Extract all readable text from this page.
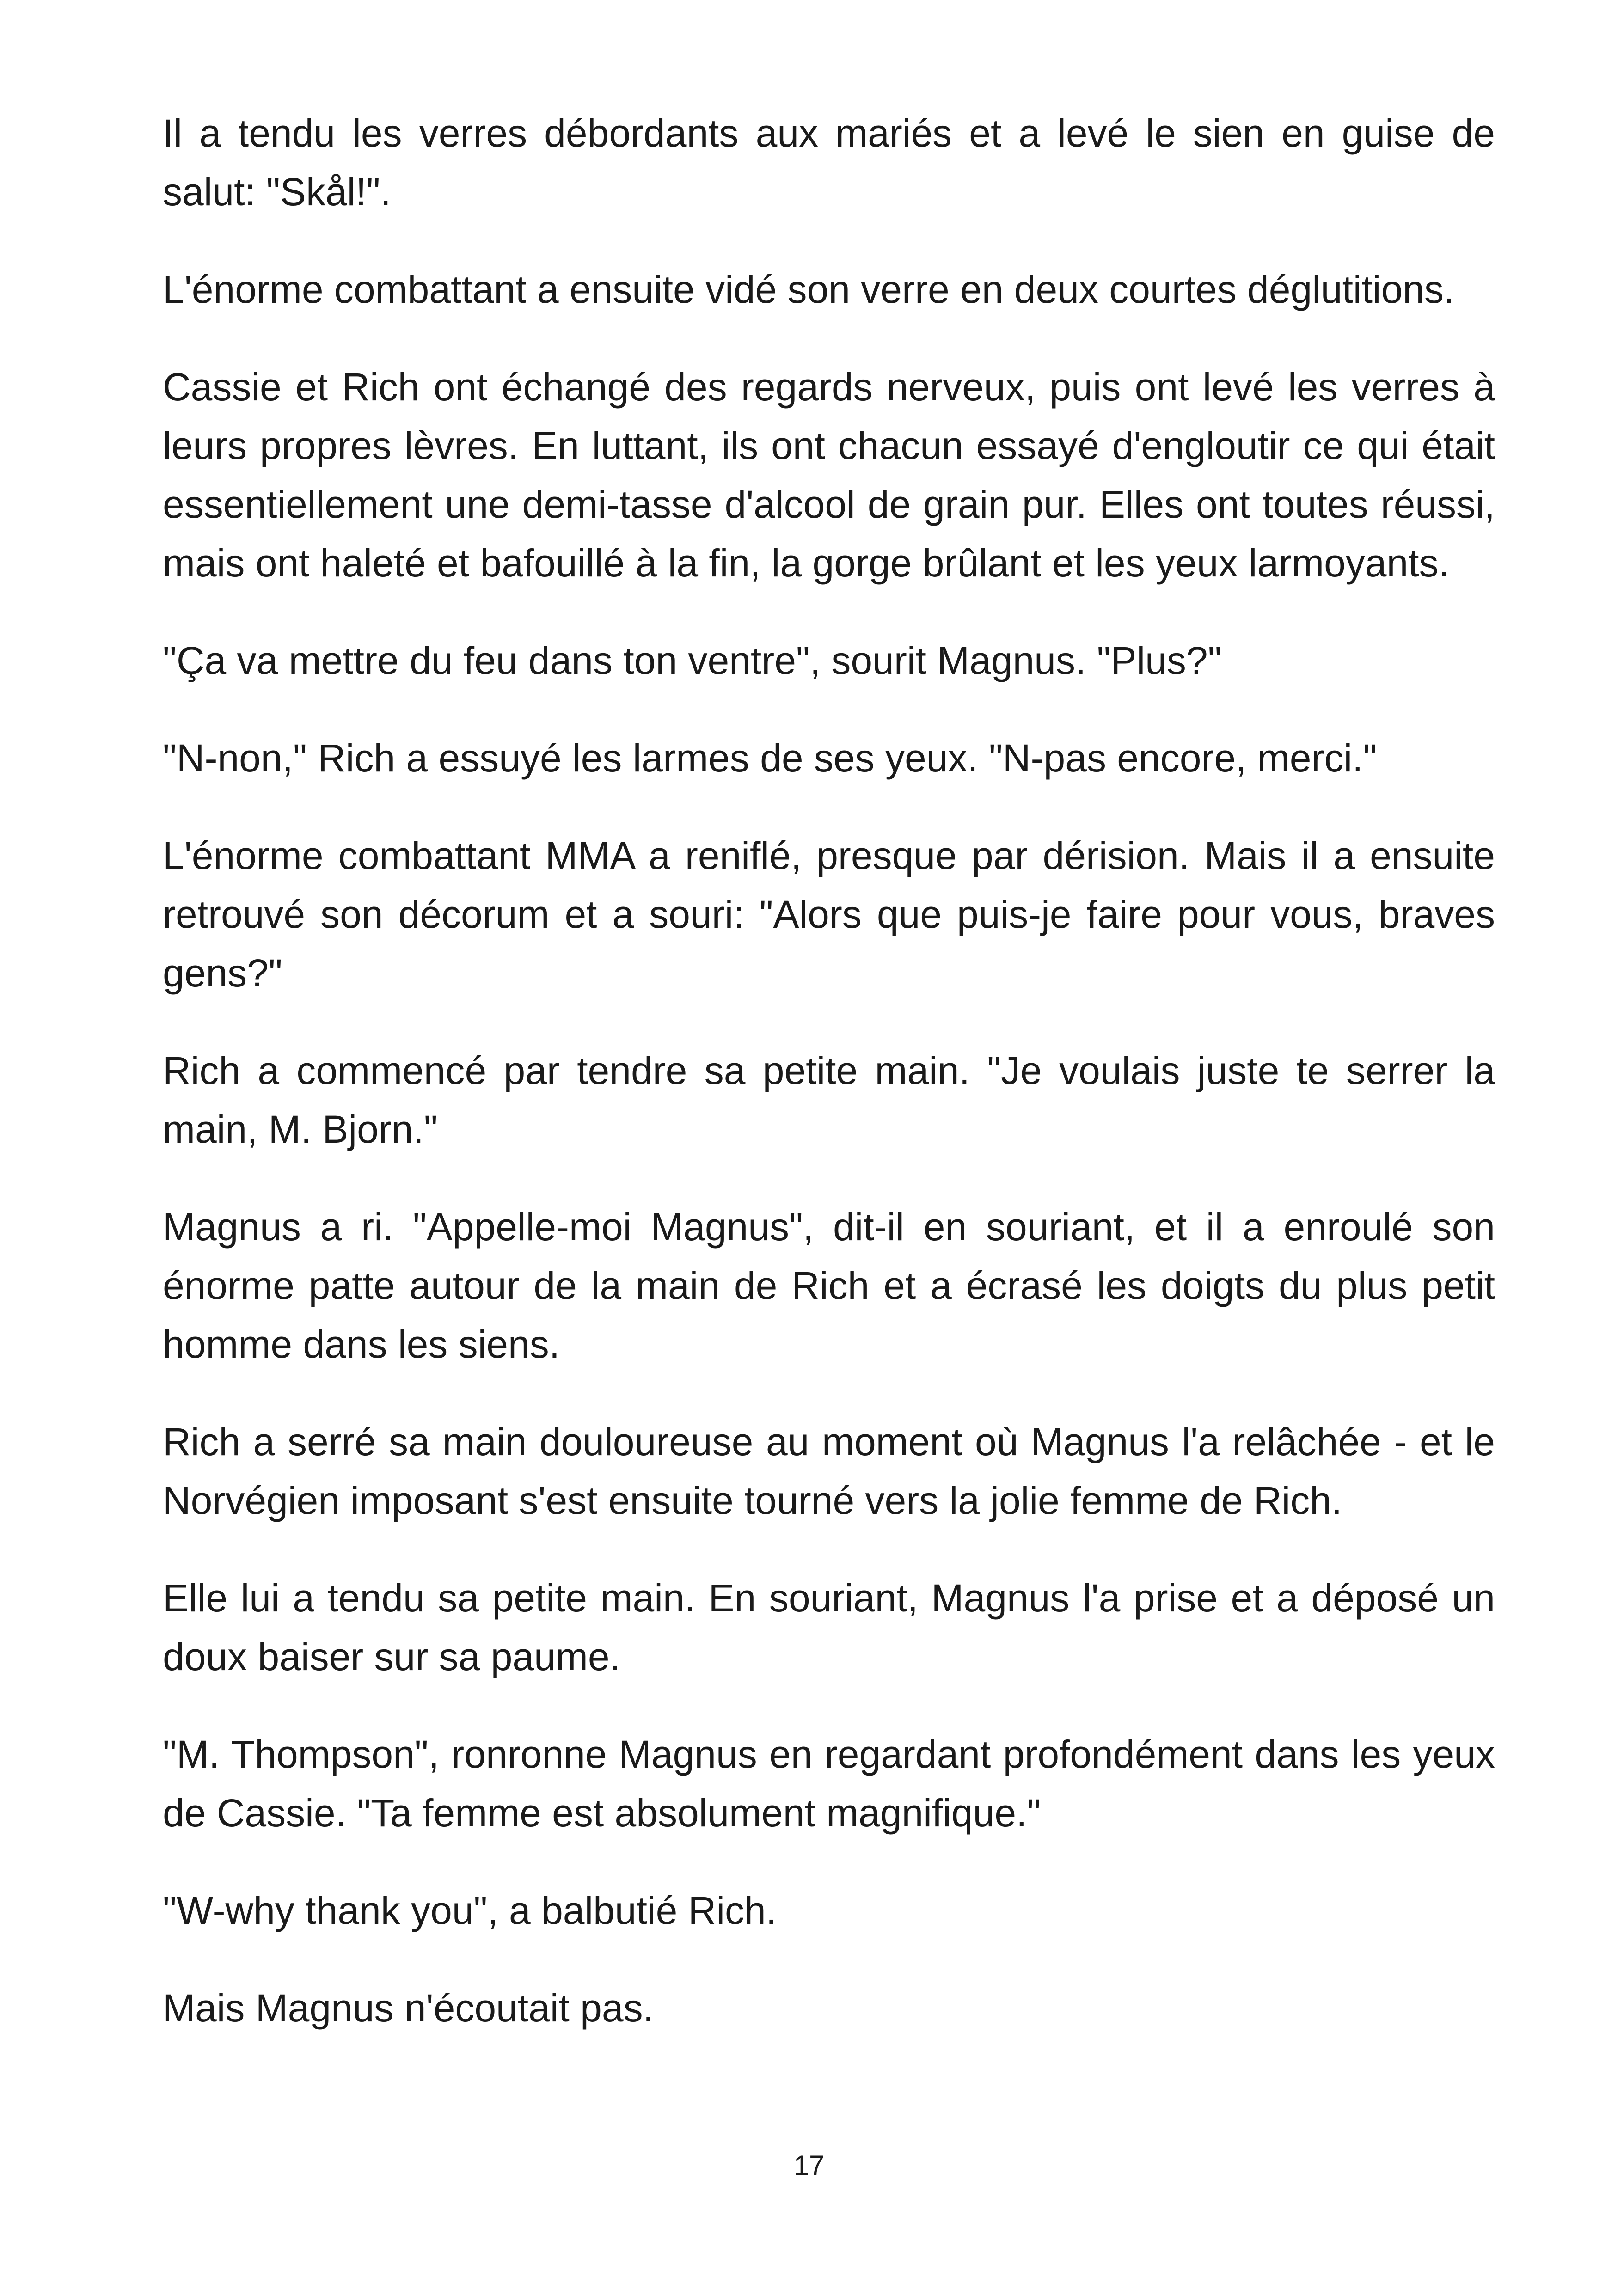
Il a tendu les verres débordants aux mariés et a levé le sien en guise de salut: "Skål!".

L'énorme combattant a ensuite vidé son verre en deux courtes déglutitions.

Cassie et Rich ont échangé des regards nerveux, puis ont levé les verres à leurs propres lèvres. En luttant, ils ont chacun essayé d'engloutir ce qui était essentiellement une demi-tasse d'alcool de grain pur. Elles ont toutes réussi, mais ont haleté et bafouillé à la fin, la gorge brûlant et les yeux larmoyants.

"Ça va mettre du feu dans ton ventre", sourit Magnus. "Plus?"

"N-non," Rich a essuyé les larmes de ses yeux. "N-pas encore, merci."

L'énorme combattant MMA a reniflé, presque par dérision. Mais il a ensuite retrouvé son décorum et a souri: "Alors que puis-je faire pour vous, braves gens?"

Rich a commencé par tendre sa petite main. "Je voulais juste te serrer la main, M. Bjorn."

Magnus a ri. "Appelle-moi Magnus", dit-il en souriant, et il a enroulé son énorme patte autour de la main de Rich et a écrasé les doigts du plus petit homme dans les siens.

Rich a serré sa main douloureuse au moment où Magnus l'a relâchée - et le Norvégien imposant s'est ensuite tourné vers la jolie femme de Rich.

Elle lui a tendu sa petite main. En souriant, Magnus l'a prise et a déposé un doux baiser sur sa paume.

"M. Thompson", ronronne Magnus en regardant profondément dans les yeux de Cassie. "Ta femme est absolument magnifique."

"W-why thank you", a balbutié Rich.

Mais Magnus n'écoutait pas.

17
